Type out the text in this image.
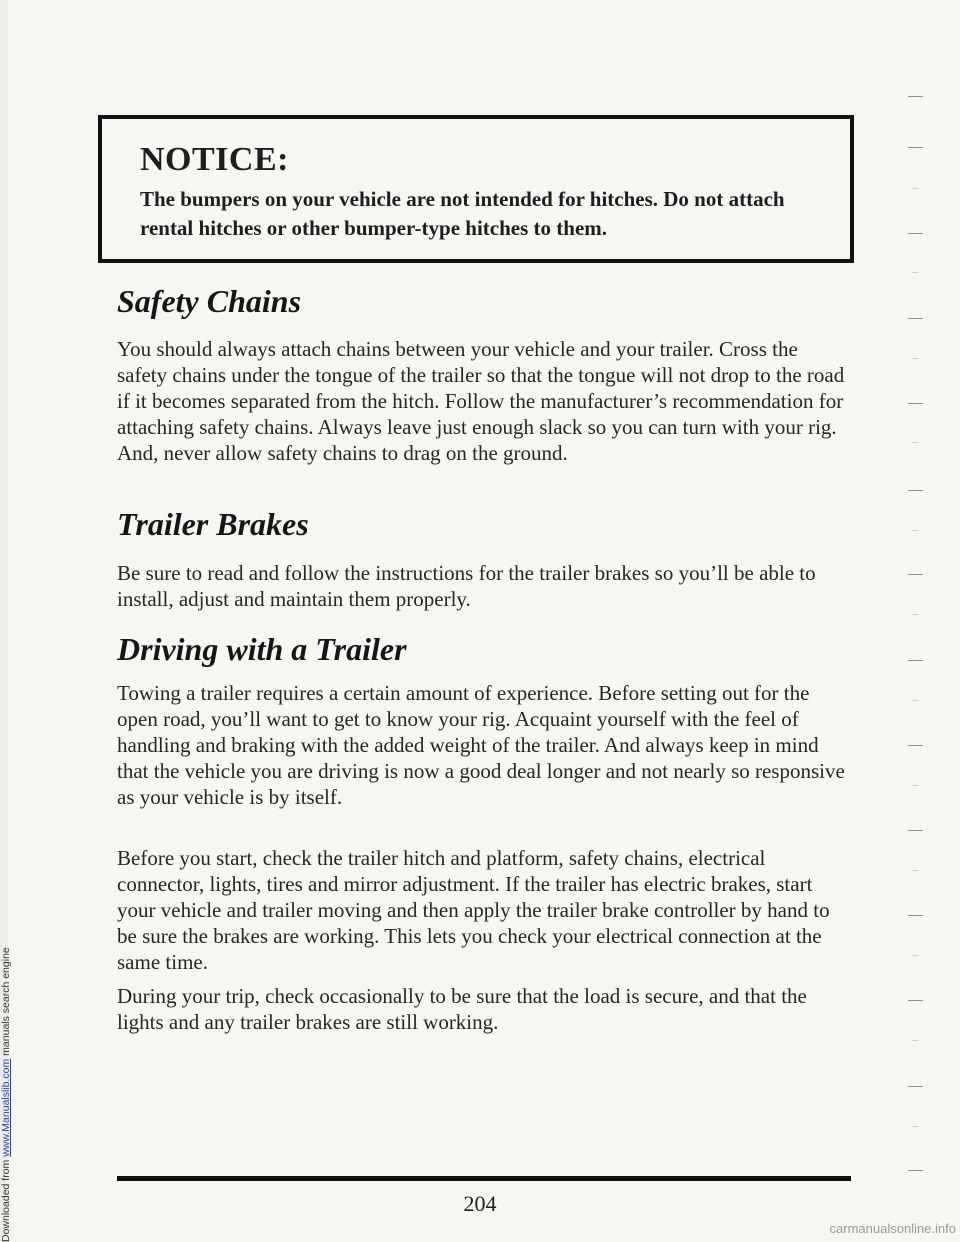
Downloaded from www.Manualslib.com manuals search engine
NOTICE:

The bumpers on your vehicle are not intended for hitches. Do not attach rental hitches or other bumper-type hitches to them.

Safety Chains

You should always attach chains between your vehicle and your trailer. Cross the safety chains under the tongue of the trailer so that the tongue will not drop to the road if it becomes separated from the hitch. Follow the manufacturer’s recommendation for attaching safety chains. Always leave just enough slack so you can turn with your rig. And, never allow safety chains to drag on the ground.

Trailer Brakes

Be sure to read and follow the instructions for the trailer brakes so you’ll be able to install, adjust and maintain them properly.

Driving with a Trailer

Towing a trailer requires a certain amount of experience. Before setting out for the open road, you’ll want to get to know your rig. Acquaint yourself with the feel of handling and braking with the added weight of the trailer. And always keep in mind that the vehicle you are driving is now a good deal longer and not nearly so responsive as your vehicle is by itself.

Before you start, check the trailer hitch and platform, safety chains, electrical connector, lights, tires and mirror adjustment. If the trailer has electric brakes, start your vehicle and trailer moving and then apply the trailer brake controller by hand to be sure the brakes are working. This lets you check your electrical connection at the same time.

During your trip, check occasionally to be sure that the load is secure, and that the lights and any trailer brakes are still working.

204
carmanualsonline.info
